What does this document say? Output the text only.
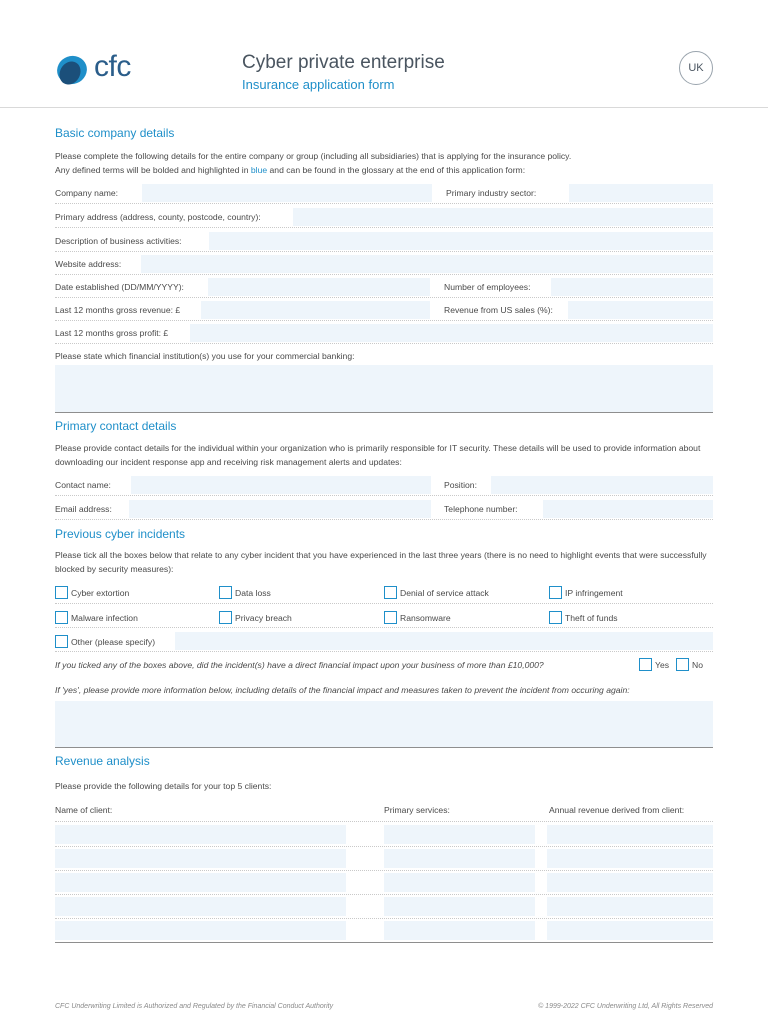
cfc	Cyber private enterprise
Insurance application form
UK
Basic company details
Please complete the following details for the entire company or group (including all subsidiaries) that is applying for the insurance policy.
Any defined terms will be bolded and highlighted in blue and can be found in the glossary at the end of this application form:
Company name:	Primary industry sector:
Primary address (address, county, postcode, country):
Description of business activities:
Website address:
Date established (DD/MM/YYYY):	Number of employees:
Last 12 months gross revenue: £	Revenue from US sales (%):
Last 12 months gross profit: £
Please state which financial institution(s) you use for your commercial banking:
Primary contact details
Please provide contact details for the individual within your organization who is primarily responsible for IT security. These details will be used to provide information about downloading our incident response app and receiving risk management alerts and updates:
Contact name:	Position:
Email address:	Telephone number:
Previous cyber incidents
Please tick all the boxes below that relate to any cyber incident that you have experienced in the last three years (there is no need to highlight events that were successfully blocked by security measures):
Cyber extortion	Data loss	Denial of service attack	IP infringement
Malware infection	Privacy breach	Ransomware	Theft of funds
Other (please specify)
If you ticked any of the boxes above, did the incident(s) have a direct financial impact upon your business of more than £10,000?	Yes	No
If 'yes', please provide more information below, including details of the financial impact and measures taken to prevent the incident from occuring again:
Revenue analysis
Please provide the following details for your top 5 clients:
Name of client:	Primary services:	Annual revenue derived from client:
CFC Underwriting Limited is Authorized and Regulated by the Financial Conduct Authority	© 1999-2022 CFC Underwriting Ltd, All Rights Reserved
